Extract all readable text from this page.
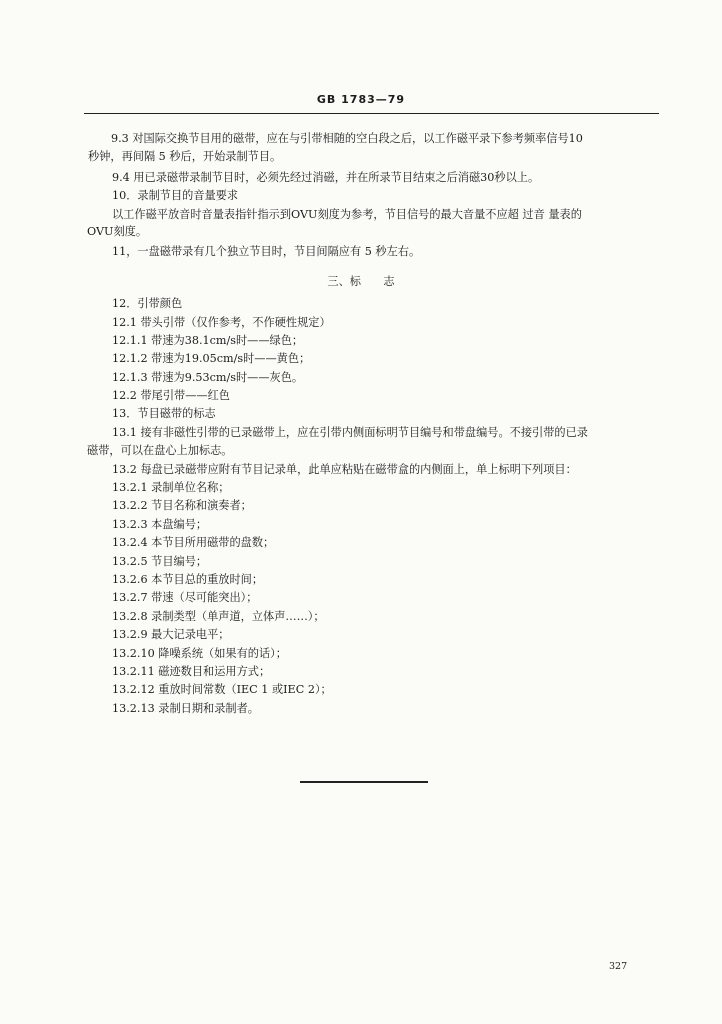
GB 1783—79
9.3 对国际交换节目用的磁带，应在与引带相随的空白段之后，以工作磁平录下参考频率信号10
秒钟，再间隔 5 秒后，开始录制节目。
9.4 用已录磁带录制节目时，必须先经过消磁，并在所录节目结束之后消磁30秒以上。
10．录制节目的音量要求
以工作磁平放音时音量表指针指示到OVU刻度为参考，节目信号的最大音量不应超 过音 量表的
OVU刻度。
11，一盘磁带录有几个独立节目时，节目间隔应有 5 秒左右。
三、标　　志
12．引带颜色
12.1 带头引带（仅作参考，不作硬性规定）
12.1.1 带速为38.1cm/s时——绿色；
12.1.2 带速为19.05cm/s时——黄色；
12.1.3 带速为9.53cm/s时——灰色。
12.2 带尾引带——红色
13．节目磁带的标志
13.1 接有非磁性引带的已录磁带上，应在引带内侧面标明节目编号和带盘编号。不接引带的已录
磁带，可以在盘心上加标志。
13.2 每盘已录磁带应附有节目记录单，此单应粘贴在磁带盒的内侧面上，单上标明下列项目：
13.2.1 录制单位名称；
13.2.2 节目名称和演奏者；
13.2.3 本盘编号；
13.2.4 本节目所用磁带的盘数；
13.2.5 节目编号；
13.2.6 本节目总的重放时间；
13.2.7 带速（尽可能突出）；
13.2.8 录制类型（单声道，立体声……）；
13.2.9 最大记录电平；
13.2.10 降噪系统（如果有的话）；
13.2.11 磁迹数目和运用方式；
13.2.12 重放时间常数（IEC 1 或IEC 2）；
13.2.13 录制日期和录制者。
327
